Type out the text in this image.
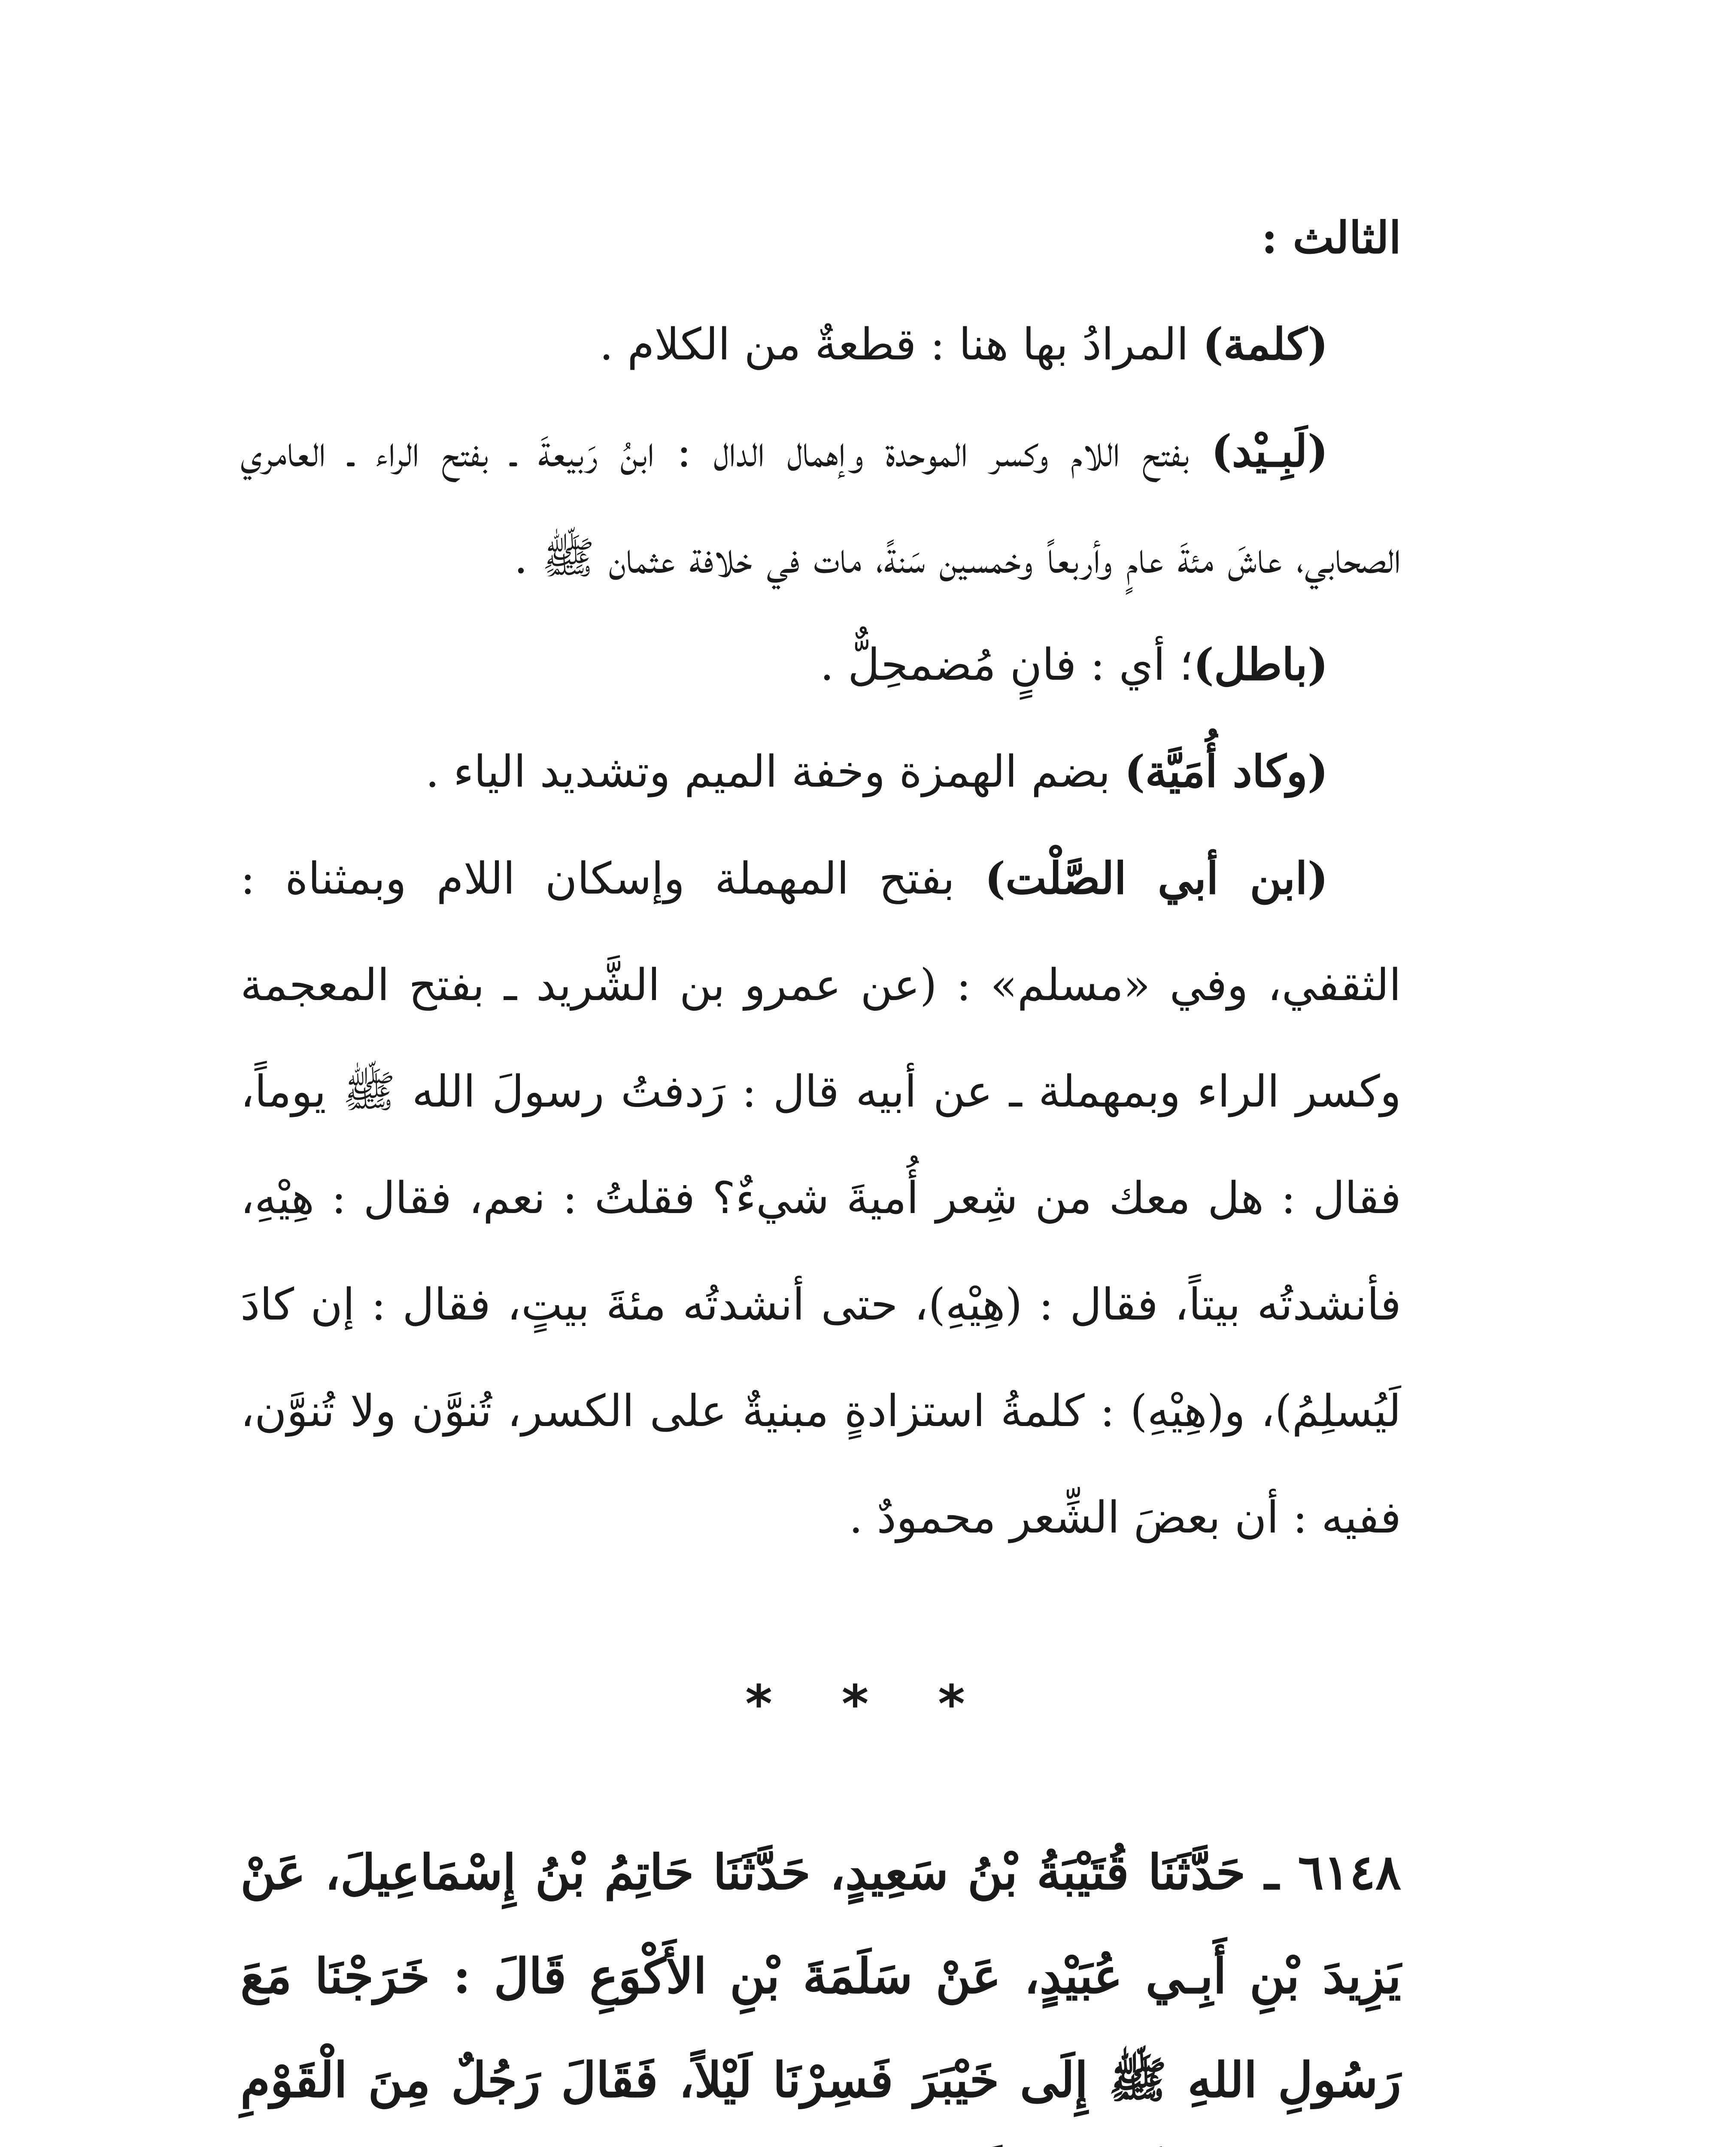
الثالث :

(كلمة) المرادُ بها هنا : قطعةٌ من الكلام .

(لَبِـيْد) بفتح اللام وكسر الموحدة وإهمال الدال : ابنُ رَبيعةَ ـ بفتح الراء ـ العامري الصحابي، عاشَ مئةَ عامٍ وأربعاً وخمسين سَنةً، مات في خلافة عثمان ﷺ .

(باطل)؛ أي : فانٍ مُضمحِلٌّ .

(وكاد أُمَيَّة) بضم الهمزة وخفة الميم وتشديد الياء .

(ابن أبي الصَّلْت) بفتح المهملة وإسكان اللام وبمثناة : الثقفي، وفي «مسلم» : (عن عمرو بن الشَّريد ـ بفتح المعجمة وكسر الراء وبمهملة ـ عن أبيه قال : رَدفتُ رسولَ الله ﷺ يوماً، فقال : هل معك من شِعر أُميةَ شيءٌ؟ فقلتُ : نعم، فقال : هِيْهِ، فأنشدتُه بيتاً، فقال : (هِيْهِ)، حتى أنشدتُه مئةَ بيتٍ، فقال : إن كادَ لَيُسلِمُ)، و(هِيْهِ) : كلمةُ استزادةٍ مبنيةٌ على الكسر، تُنوَّن ولا تُنوَّن، ففيه : أن بعضَ الشِّعر محمودٌ .

* * *

٦١٤٨ ـ حَدَّثَنَا قُتَيْبَةُ بْنُ سَعِيدٍ، حَدَّثَنَا حَاتِمُ بْنُ إِسْمَاعِيلَ، عَنْ يَزِيدَ بْنِ أَبِـي عُبَيْدٍ، عَنْ سَلَمَةَ بْنِ الأَكْوَعِ قَالَ : خَرَجْنَا مَعَ رَسُولِ اللهِ ﷺ إِلَى خَيْبَرَ فَسِرْنَا لَيْلاً، فَقَالَ رَجُلٌ مِنَ الْقَوْمِ
